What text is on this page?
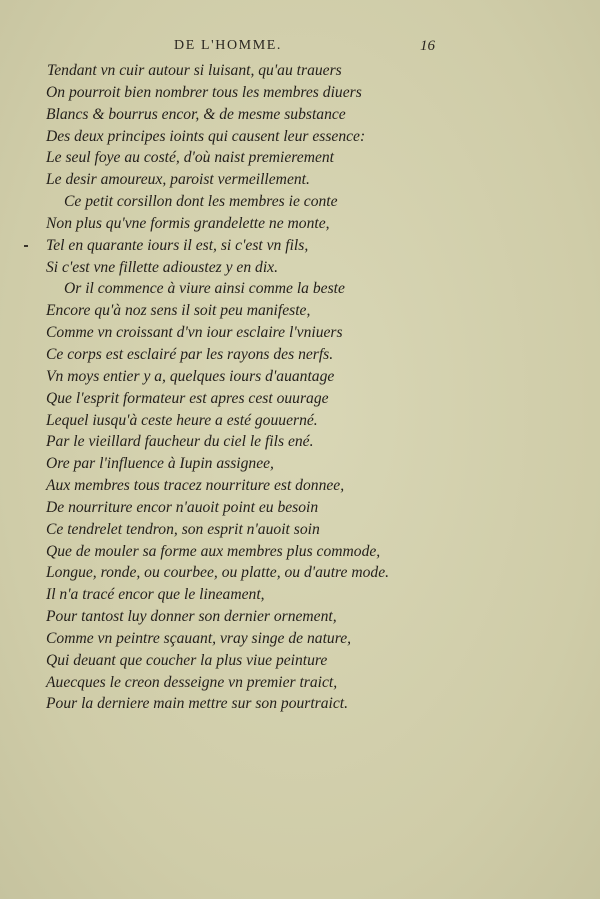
DE L'HOMME.	16
Tendant vn cuir autour si luisant, qu'au trauers
On pourroit bien nombrer tous les membres diuers
Blancs & bourrus encor, & de mesme substance
Des deux principes ioints qui causent leur essence:
Le seul foye au costé, d'où naist premierement
Le desir amoureux, paroist vermeillement.
Ce petit corsillon dont les membres ie conte
Non plus qu'vne formis grandelette ne monte,
Tel en quarante iours il est, si c'est vn fils,
Si c'est vne fillette adioustez y en dix.
Or il commence à viure ainsi comme la beste
Encore qu'à noz sens il soit peu manifeste,
Comme vn croissant d'vn iour esclaire l'vniuers
Ce corps est esclairé par les rayons des nerfs.
Vn moys entier y a, quelques iours d'auantage
Que l'esprit formateur est apres cest ouurage
Lequel iusqu'à ceste heure a esté gouuerné.
Par le vieillard faucheur du ciel le fils ené.
Ore par l'influence à Iupin assignee,
Aux membres tous tracez nourriture est donnee,
De nourriture encor n'auoit point eu besoin
Ce tendrelet tendron, son esprit n'auoit soin
Que de mouler sa forme aux membres plus commode,
Longue, ronde, ou courbee, ou platte, ou d'autre mode.
Il n'a tracé encor que le lineament,
Pour tantost luy donner son dernier ornement,
Comme vn peintre sçauant, vray singe de nature,
Qui deuant que coucher la plus viue peinture
Auecques le creon desseigne vn premier traict,
Pour la derniere main mettre sur son pourtraict.
